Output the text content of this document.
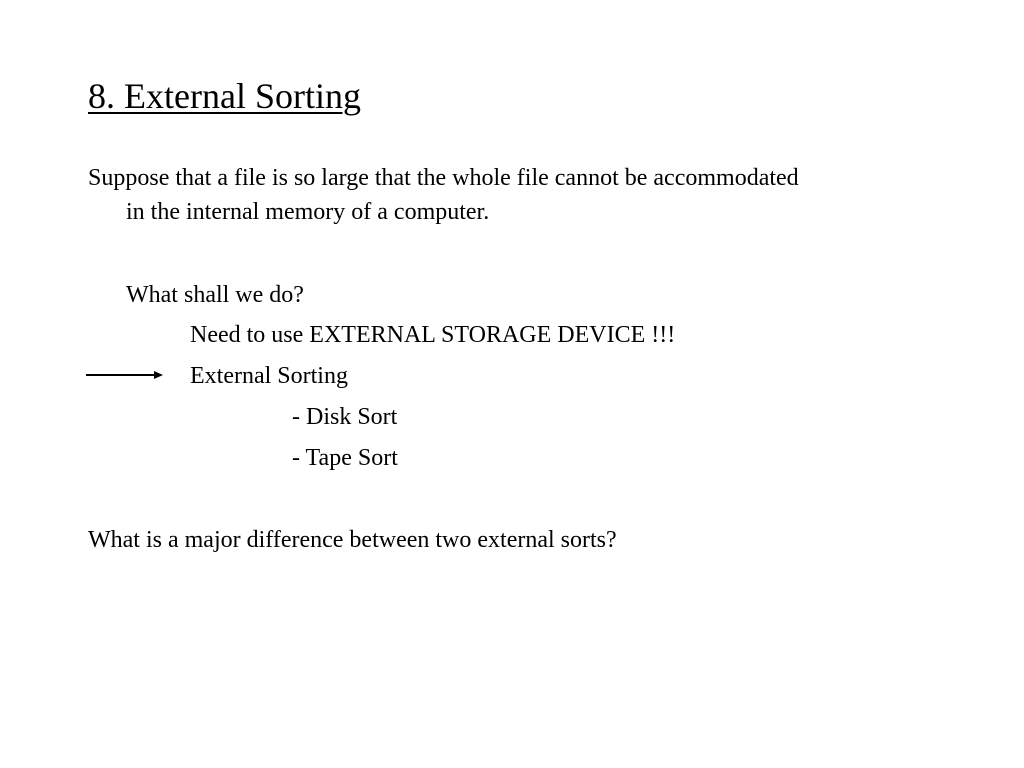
8. External Sorting
Suppose that a file is so large that the whole file cannot be accommodated
in the internal memory of a computer.
What shall we do?
Need to use EXTERNAL STORAGE DEVICE !!!
External Sorting
- Disk Sort
- Tape Sort
What is a major difference between two external sorts?
